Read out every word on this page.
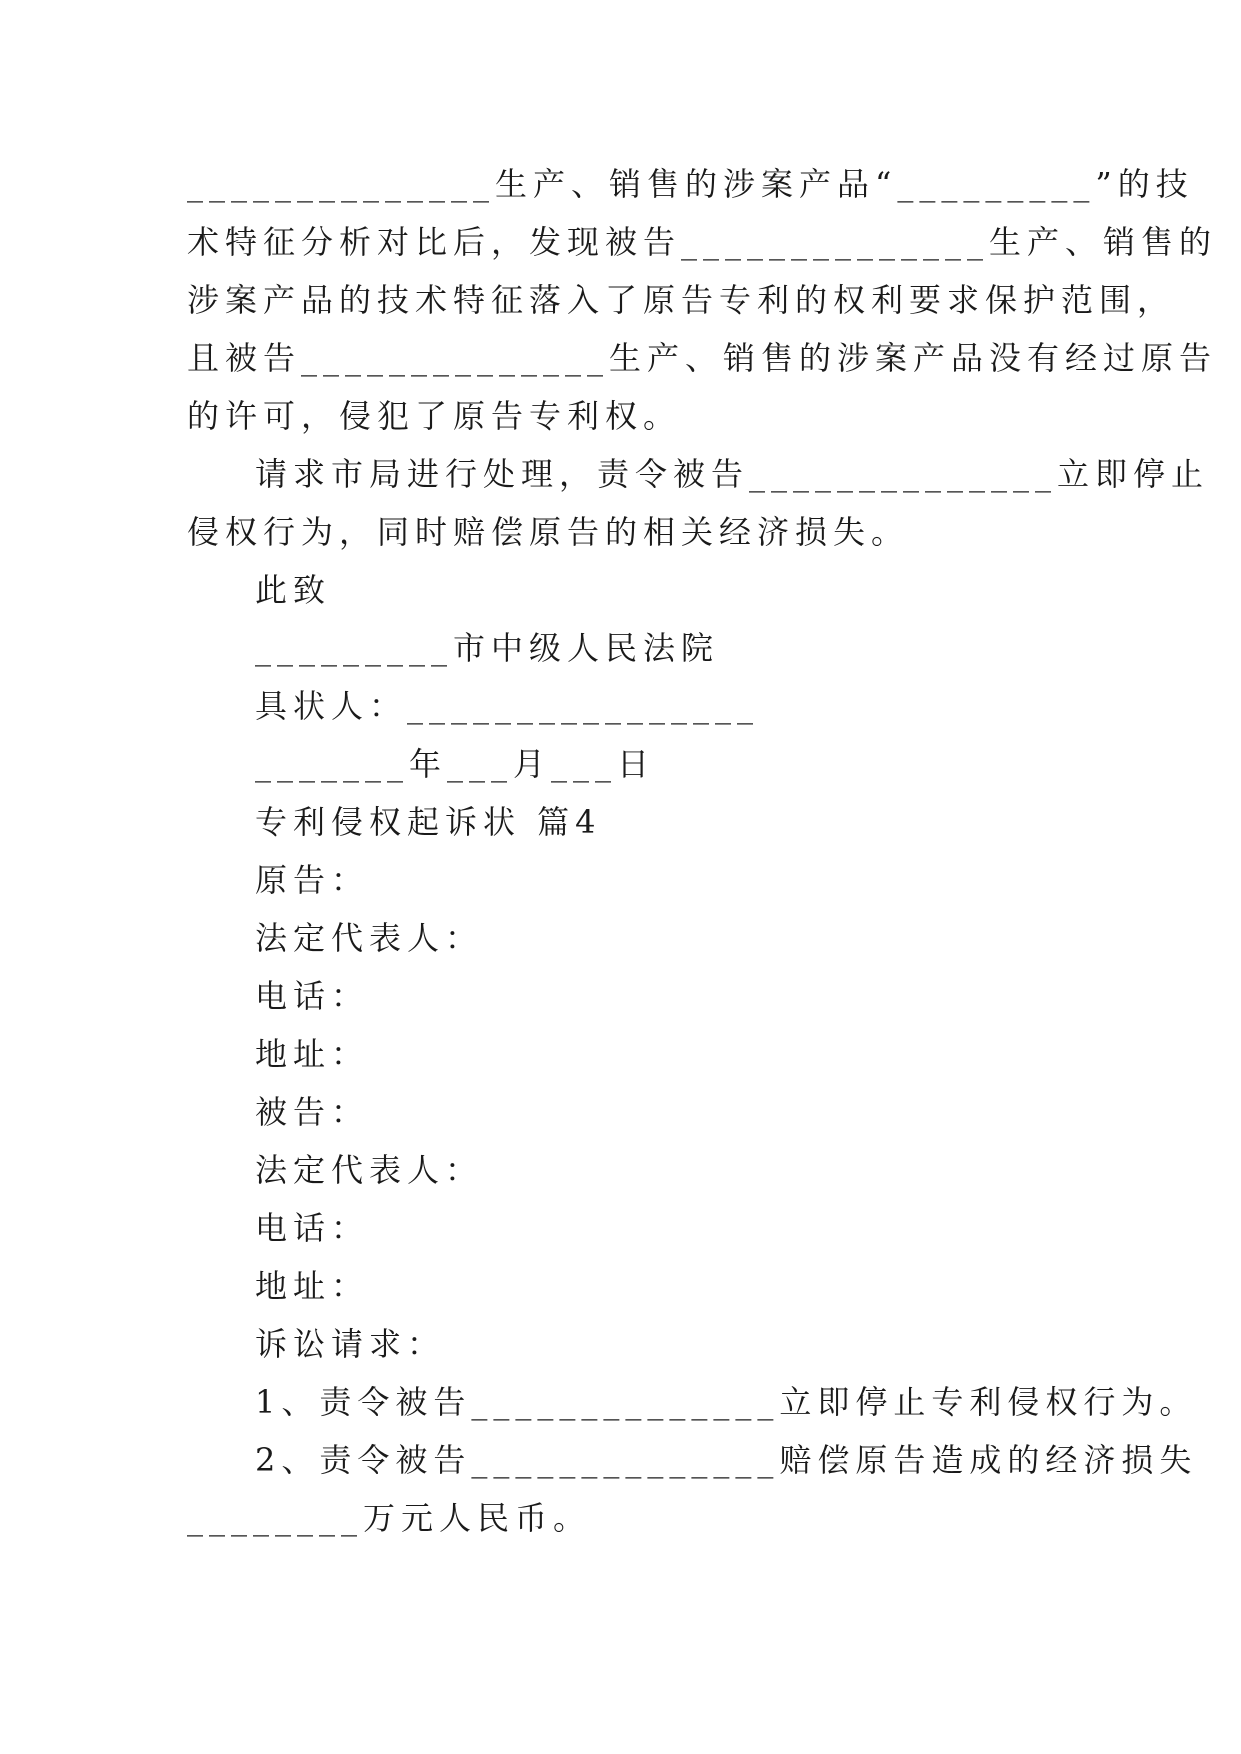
______________生产、销售的涉案产品“_________”的技
术特征分析对比后，发现被告______________生产、销售的
涉案产品的技术特征落入了原告专利的权利要求保护范围，
且被告______________生产、销售的涉案产品没有经过原告
的许可，侵犯了原告专利权。
请求市局进行处理，责令被告______________立即停止
侵权行为，同时赔偿原告的相关经济损失。
此致
_________市中级人民法院
具状人：________________
_______年___月___日
专利侵权起诉状 篇4
原告：
法定代表人：
电话：
地址：
被告：
法定代表人：
电话：
地址：
诉讼请求：
1、责令被告______________立即停止专利侵权行为。
2、责令被告______________赔偿原告造成的经济损失
________万元人民币。
